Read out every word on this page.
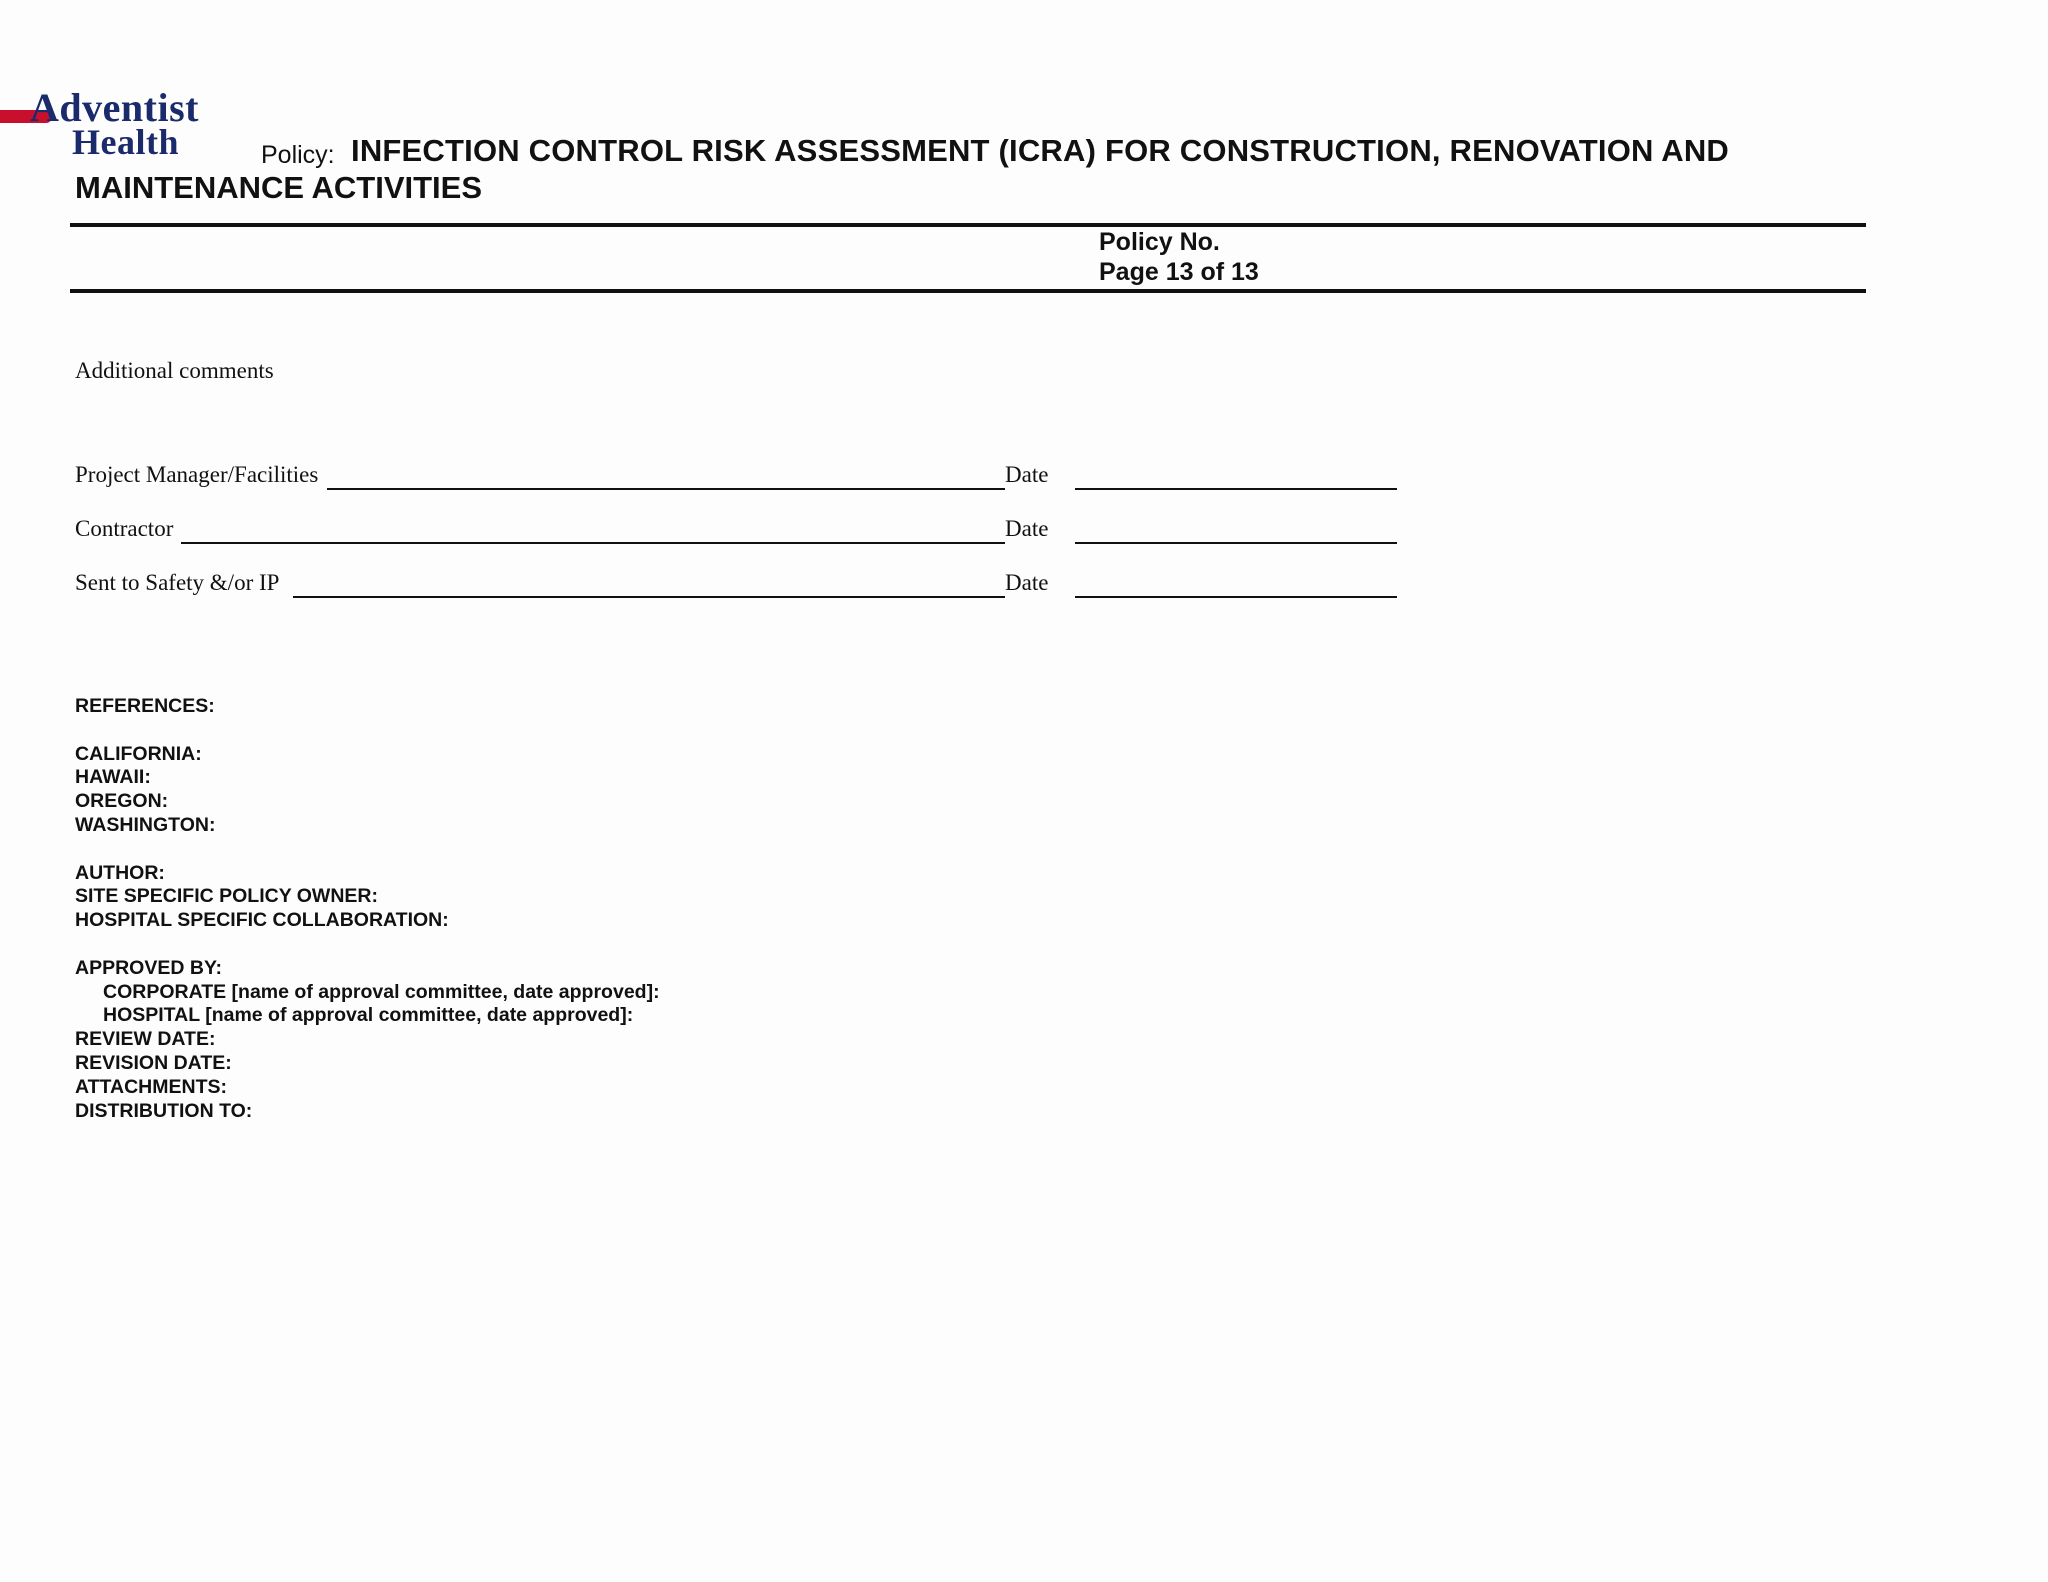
Adventist
Health	Policy: INFECTION CONTROL RISK ASSESSMENT (ICRA) FOR CONSTRUCTION, RENOVATION AND
MAINTENANCE ACTIVITIES
Policy No.
Page 13 of 13
Additional comments
Project Manager/Facilities	Date
Contractor	Date
Sent to Safety &/or IP	Date
REFERENCES:
CALIFORNIA:
HAWAII:
OREGON:
WASHINGTON:
AUTHOR:
SITE SPECIFIC POLICY OWNER:
HOSPITAL SPECIFIC COLLABORATION:
APPROVED BY:
CORPORATE [name of approval committee, date approved]:
HOSPITAL [name of approval committee, date approved]:
REVIEW DATE:
REVISION DATE:
ATTACHMENTS:
DISTRIBUTION TO:
